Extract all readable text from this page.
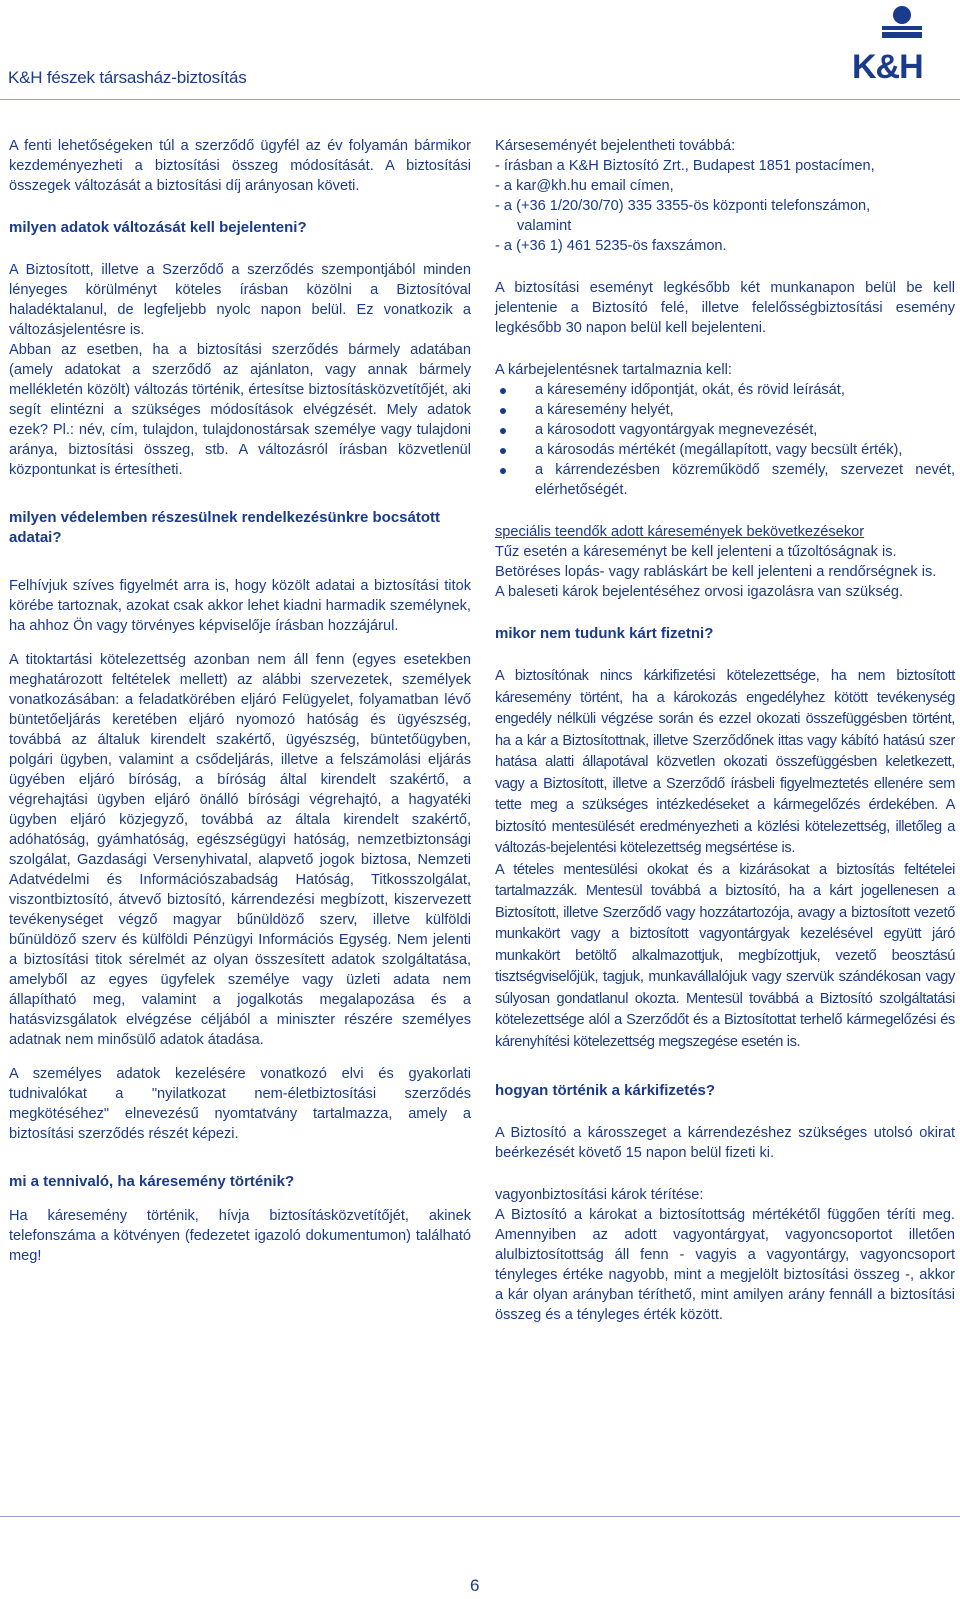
K&H fészek társasház-biztosítás	K&H

A fenti lehetőségeken túl a szerződő ügyfél az év folyamán bármikor kezdeményezheti a biztosítási összeg módosítását. A biztosítási összegek változását a biztosítási díj arányosan követi.

milyen adatok változását kell bejelenteni?

A Biztosított, illetve a Szerződő a szerződés szempontjából minden lényeges körülményt köteles írásban közölni a Biztosítóval haladéktalanul, de legfeljebb nyolc napon belül. Ez vonatkozik a változásjelentésre is.

Abban az esetben, ha a biztosítási szerződés bármely adatában (amely adatokat a szerződő az ajánlaton, vagy annak bármely mellékletén közölt) változás történik, értesítse biztosításközvetítőjét, aki segít elintézni a szükséges módosítások elvégzését. Mely adatok ezek? Pl.: név, cím, tulajdon, tulajdonostársak személye vagy tulajdoni aránya, biztosítási összeg, stb. A változásról írásban közvetlenül központunkat is értesítheti.

milyen védelemben részesülnek rendelkezésünkre bocsátott adatai?

Felhívjuk szíves figyelmét arra is, hogy közölt adatai a biztosítási titok körébe tartoznak, azokat csak akkor lehet kiadni harmadik személynek, ha ahhoz Ön vagy törvényes képviselője írásban hozzájárul.

A titoktartási kötelezettség azonban nem áll fenn (egyes esetekben meghatározott feltételek mellett) az alábbi szervezetek, személyek vonatkozásában: a feladatkörében eljáró Felügyelet, folyamatban lévő büntetőeljárás keretében eljáró nyomozó hatóság és ügyészség, továbbá az általuk kirendelt szakértő, ügyészség, büntetőügyben, polgári ügyben, valamint a csődeljárás, illetve a felszámolási eljárás ügyében eljáró bíróság, a bíróság által kirendelt szakértő, a végrehajtási ügyben eljáró önálló bírósági végrehajtó, a hagyatéki ügyben eljáró közjegyző, továbbá az általa kirendelt szakértő, adóhatóság, gyámhatóság, egészségügyi hatóság, nemzetbiztonsági szolgálat, Gazdasági Versenyhivatal, alapvető jogok biztosa, Nemzeti Adatvédelmi és Információszabadság Hatóság, Titkosszolgálat, viszontbiztosító, átvevő biztosító, kárrendezési megbízott, kiszervezett tevékenységet végző magyar bűnüldöző szerv, illetve külföldi bűnüldöző szerv és külföldi Pénzügyi Információs Egység. Nem jelenti a biztosítási titok sérelmét az olyan összesített adatok szolgáltatása, amelyből az egyes ügyfelek személye vagy üzleti adata nem állapítható meg, valamint a jogalkotás megalapozása és a hatásvizsgálatok elvégzése céljából a miniszter részére személyes adatnak nem minősülő adatok átadása.

A személyes adatok kezelésére vonatkozó elvi és gyakorlati tudnivalókat a "nyilatkozat nem-életbiztosítási szerződés megkötéséhez" elnevezésű nyomtatvány tartalmazza, amely a biztosítási szerződés részét képezi.

mi a tennivaló, ha káresemény történik?

Ha káresemény történik, hívja biztosításközvetítőjét, akinek telefonszáma a kötvényen (fedezetet igazoló dokumentumon) található meg!

Kárseseményét bejelentheti továbbá:

- írásban a K&H Biztosító Zrt., Budapest 1851 postacímen,

- a kar@kh.hu email címen,

- a (+36 1/20/30/70) 335 3355-ös központi telefonszámon,

valamint

- a (+36 1) 461 5235-ös faxszámon.

A biztosítási eseményt legkésőbb két munkanapon belül be kell jelentenie a Biztosító felé, illetve felelősségbiztosítási esemény legkésőbb 30 napon belül kell bejelenteni.

A kárbejelentésnek tartalmaznia kell:

a káresemény időpontját, okát, és rövid leírását,
a káresemény helyét,
a károsodott vagyontárgyak megnevezését,
a károsodás mértékét (megállapított, vagy becsült érték),
a kárrendezésben közreműködő személy, szervezet nevét, elérhetőségét.

speciális teendők adott káresemények bekövetkezésekor

Tűz esetén a káreseményt be kell jelenteni a tűzoltóságnak is.

Betöréses lopás- vagy rabláskárt be kell jelenteni a rendőrségnek is.

A baleseti károk bejelentéséhez orvosi igazolásra van szükség.

mikor nem tudunk kárt fizetni?

A biztosítónak nincs kárkifizetési kötelezettsége, ha nem biztosított káresemény történt, ha a károkozás engedélyhez kötött tevékenység engedély nélküli végzése során és ezzel okozati összefüggésben történt, ha a kár a Biztosítottnak, illetve Szerződőnek ittas vagy kábító hatású szer hatása alatti állapotával közvetlen okozati összefüggésben keletkezett, vagy a Biztosított, illetve a Szerződő írásbeli figyelmeztetés ellenére sem tette meg a szükséges intézkedéseket a kármegelőzés érdekében. A biztosító mentesülését eredményezheti a közlési kötelezettség, illetőleg a változás-bejelentési kötelezettség megsértése is.

A tételes mentesülési okokat és a kizárásokat a biztosítás feltételei tartalmazzák. Mentesül továbbá a biztosító, ha a kárt jogellenesen a Biztosított, illetve Szerződő vagy hozzátartozója, avagy a biztosított vezető munkakört vagy a biztosított vagyontárgyak kezelésével együtt járó munkakört betöltő alkalmazottjuk, megbízottjuk, vezető beosztású tisztségviselőjük, tagjuk, munkavállalójuk vagy szervük szándékosan vagy súlyosan gondatlanul okozta. Mentesül továbbá a Biztosító szolgáltatási kötelezettsége alól a Szerződőt és a Biztosítottat terhelő kármegelőzési és kárenyhítési kötelezettség megszegése esetén is.

hogyan történik a kárkifizetés?

A Biztosító a károsszeget a kárrendezéshez szükséges utolsó okirat beérkezését követő 15 napon belül fizeti ki.

vagyonbiztosítási károk térítése:

A Biztosító a károkat a biztosítottság mértékétől függően téríti meg. Amennyiben az adott vagyontárgyat, vagyoncsoportot illetően alulbiztosítottság áll fenn - vagyis a vagyontárgy, vagyoncsoport tényleges értéke nagyobb, mint a megjelölt biztosítási összeg -, akkor a kár olyan arányban téríthető, mint amilyen arány fennáll a biztosítási összeg és a tényleges érték között.

6
